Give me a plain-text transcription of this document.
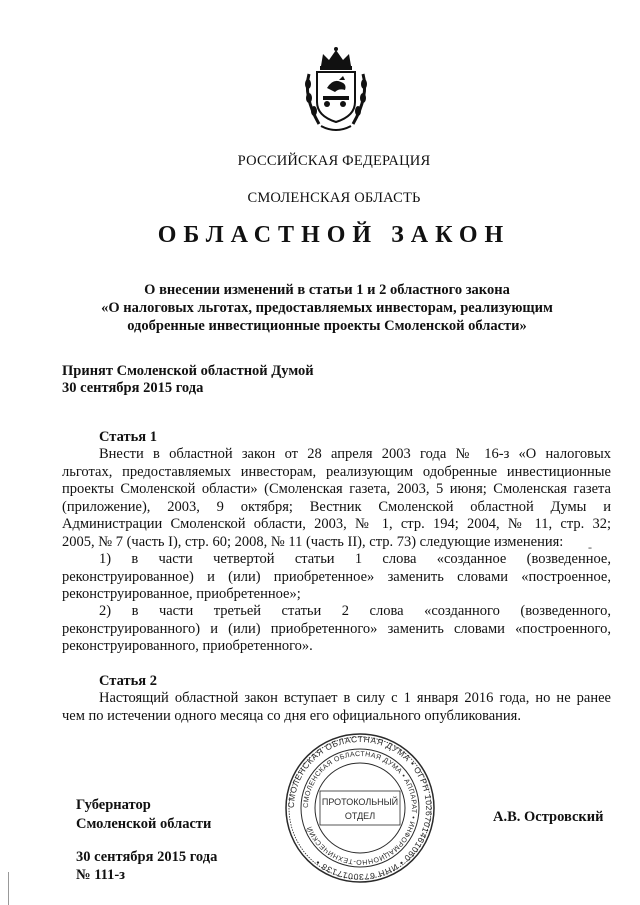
РОССИЙСКАЯ ФЕДЕРАЦИЯ
СМОЛЕНСКАЯ ОБЛАСТЬ
ОБЛАСТНОЙ ЗАКОН
О внесении изменений в статьи 1 и 2 областного закона
«О налоговых льготах, предоставляемых инвесторам, реализующим
одобренные инвестиционные проекты Смоленской области»
Принят Смоленской областной Думой
30 сентября 2015 года
Статья 1
Внести в областной закон от 28 апреля 2003 года № 16-з «О налоговых
льготах, предоставляемых инвесторам, реализующим одобренные инвестиционные
проекты Смоленской области» (Смоленская газета, 2003, 5 июня; Смоленская газета
(приложение), 2003, 9 октября; Вестник Смоленской областной Думы и
Администрации Смоленской области, 2003, № 1, стр. 194; 2004, № 11, стр. 32;
2005, № 7 (часть I), стр. 60; 2008, № 11 (часть II), стр. 73) следующие изменения:	-
1) в части четвертой статьи 1 слова «созданное (возведенное,
реконструированное) и (или) приобретенное» заменить словами «построенное,
реконструированное, приобретенное»;
2) в части третьей статьи 2 слова «созданного (возведенного,
реконструированного) и (или) приобретенного» заменить словами «построенного,
реконструированного, приобретенного».
Статья 2
Настоящий областной закон вступает в силу с 1 января 2016 года, но не ранее
чем по истечении одного месяца со дня его официального опубликования.
Губернатор
Смоленской области
СМОЛЕНСКАЯ ОБЛАСТНАЯ ДУМА • ОГРН 1026701461060 • ИНН 6730017138 •
СМОЛЕНСКАЯ ОБЛАСТНАЯ ДУМА • АППАРАТ • ИНФОРМАЦИОННО-ТЕХНИЧЕСКИЙ
ПРОТОКОЛЬНЫЙ
ОТДЕЛ	А.В. Островский
30 сентября 2015 года
№ 111-з
